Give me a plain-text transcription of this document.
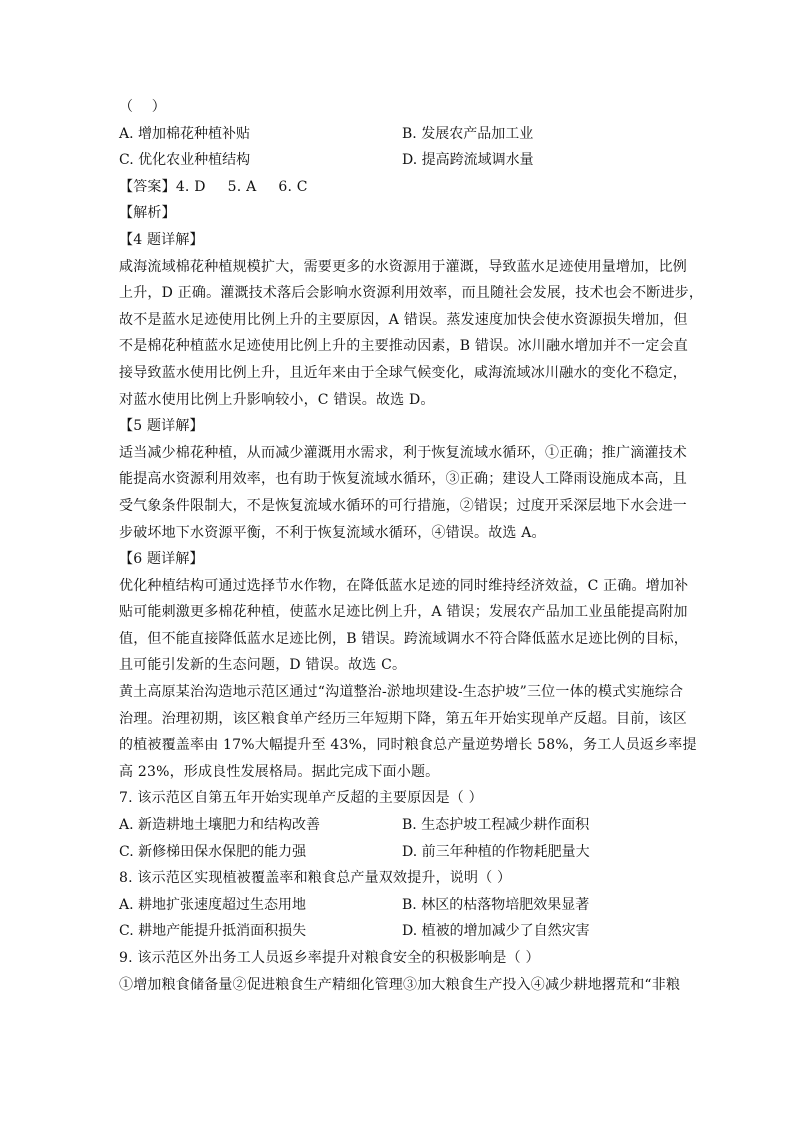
（    ）
A. 增加棉花种植补贴	B. 发展农产品加工业
C. 优化农业种植结构	D. 提高跨流域调水量
【答案】4. D 5. A 6. C
【解析】
【4 题详解】
咸海流域棉花种植规模扩大，需要更多的水资源用于灌溉，导致蓝水足迹使用量增加，比例
上升，D 正确。灌溉技术落后会影响水资源利用效率，而且随社会发展，技术也会不断进步，
故不是蓝水足迹使用比例上升的主要原因，A 错误。蒸发速度加快会使水资源损失增加，但
不是棉花种植蓝水足迹使用比例上升的主要推动因素，B 错误。冰川融水增加并不一定会直
接导致蓝水使用比例上升，且近年来由于全球气候变化，咸海流域冰川融水的变化不稳定，
对蓝水使用比例上升影响较小，C 错误。故选 D。
【5 题详解】
适当减少棉花种植，从而减少灌溉用水需求，利于恢复流域水循环，①正确；推广滴灌技术
能提高水资源利用效率，也有助于恢复流域水循环，③正确；建设人工降雨设施成本高，且
受气象条件限制大，不是恢复流域水循环的可行措施，②错误；过度开采深层地下水会进一
步破坏地下水资源平衡，不利于恢复流域水循环，④错误。故选 A。
【6 题详解】
优化种植结构可通过选择节水作物，在降低蓝水足迹的同时维持经济效益，C 正确。增加补
贴可能刺激更多棉花种植，使蓝水足迹比例上升，A 错误；发展农产品加工业虽能提高附加
值，但不能直接降低蓝水足迹比例，B 错误。跨流域调水不符合降低蓝水足迹比例的目标，
且可能引发新的生态问题，D 错误。故选 C。
黄土高原某治沟造地示范区通过“沟道整治-淤地坝建设-生态护坡”三位一体的模式实施综合
治理。治理初期，该区粮食单产经历三年短期下降，第五年开始实现单产反超。目前，该区
的植被覆盖率由 17%大幅提升至 43%，同时粮食总产量逆势增长 58%，务工人员返乡率提
高 23%，形成良性发展格局。据此完成下面小题。
7. 该示范区自第五年开始实现单产反超的主要原因是（ ）
A. 新造耕地土壤肥力和结构改善	B. 生态护坡工程减少耕作面积
C. 新修梯田保水保肥的能力强	D. 前三年种植的作物耗肥量大
8. 该示范区实现植被覆盖率和粮食总产量双效提升，说明（ ）
A. 耕地扩张速度超过生态用地	B. 林区的枯落物培肥效果显著
C. 耕地产能提升抵消面积损失	D. 植被的增加减少了自然灾害
9. 该示范区外出务工人员返乡率提升对粮食安全的积极影响是（ ）
①增加粮食储备量②促进粮食生产精细化管理③加大粮食生产投入④减少耕地撂荒和“非粮
